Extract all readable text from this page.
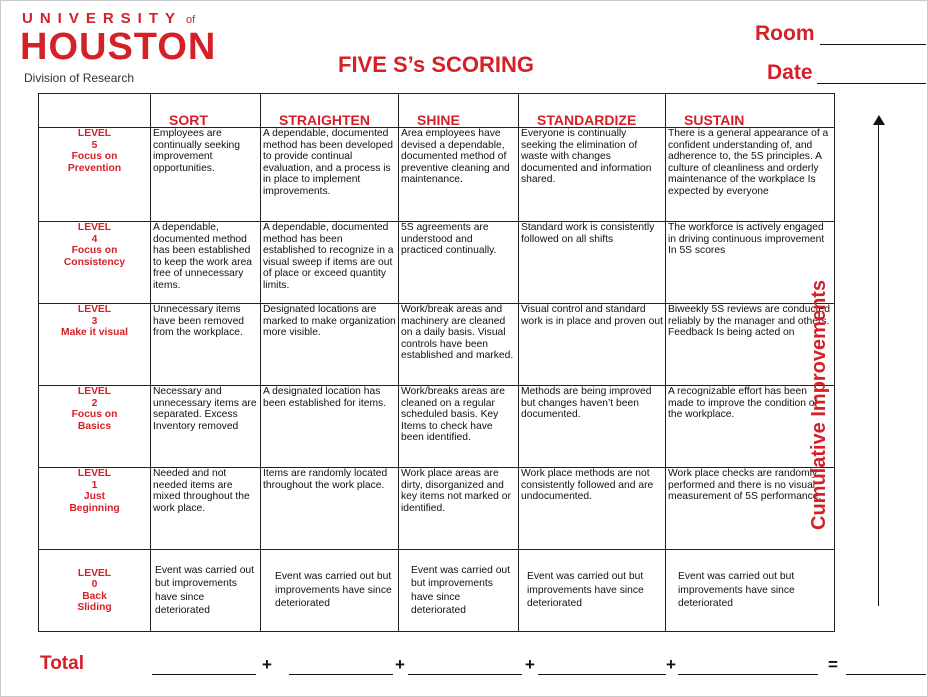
UNIVERSITY of
HOUSTON
Division of Research
FIVE S’s SCORING
Room
Date
	SORT	STRAIGHTEN	SHINE	STANDARDIZE	SUSTAIN
LEVEL
5
Focus on
Prevention	Employees are continually seeking improvement opportunities.	A dependable, documented method has been developed to provide continual evaluation, and a process is in place to implement improvements.	Area employees have devised a dependable, documented method of preventive cleaning and maintenance.	Everyone is continually seeking the elimination of waste with changes documented and information shared.	There is a general appearance of a confident understanding of, and adherence to, the 5S principles. A culture of cleanliness and orderly maintenance of the workplace Is expected by everyone
LEVEL
4
Focus on
Consistency	A dependable, documented method has been established to keep the work area free of unnecessary items.	A dependable, documented method has been established to recognize in a visual sweep if items are out of place or exceed quantity limits.	5S agreements are understood and practiced continually.	Standard work is consistently followed on all shifts	The workforce is actively engaged in driving continuous improvement In 5S scores
LEVEL
3
Make it visual	Unnecessary items have been removed from the workplace.	Designated locations are marked to make organization more visible.	Work/break areas and machinery are cleaned on a daily basis. Visual controls have been established and marked.	Visual control and standard work is in place and proven out	Biweekly 5S reviews are conducted reliably by the manager and others. Feedback Is being acted on
LEVEL
2
Focus on
Basics	Necessary and unnecessary items are separated. Excess Inventory removed	A designated location has been established for items.	Work/breaks areas are cleaned on a regular scheduled basis. Key Items to check have been identified.	Methods are being improved but changes haven’t been documented.	A recognizable effort has been made to improve the condition of the workplace.
LEVEL
1
Just
Beginning	Needed and not needed items are mixed throughout the work place.	Items are randomly located throughout the work place.	Work place areas are dirty, disorganized and key items not marked or identified.	Work place methods are not consistently followed and are undocumented.	Work place checks are randomly performed and there is no visual measurement of 5S performance.
LEVEL
0
Back
Sliding	Event was carried out but improvements have since deteriorated	Event was carried out but improvements have since deteriorated	Event was carried out but improvements have since deteriorated	Event was carried out but improvements have since deteriorated	Event was carried out but improvements have since deteriorated
Cumulative Improvements
Total	+	+	+	+	=
